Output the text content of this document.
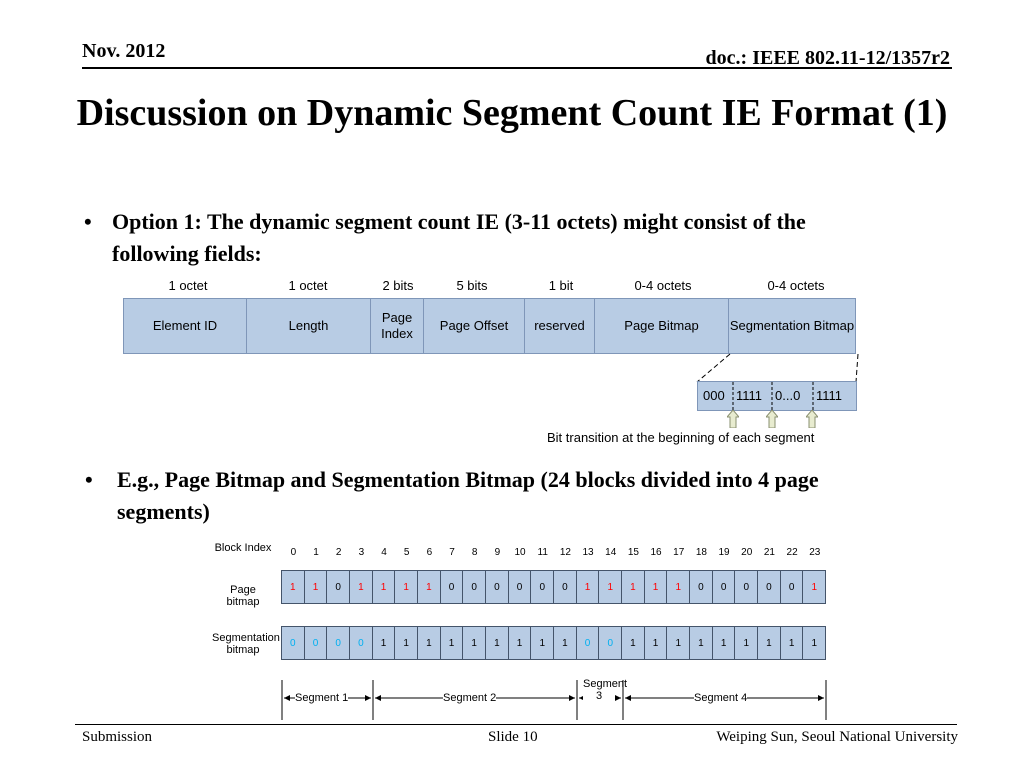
Nov. 2012	doc.: IEEE 802.11-12/1357r2
Discussion on Dynamic Segment Count IE Format (1)
• Option 1: The dynamic segment count IE (3-11 octets) might consist of the following fields:
1 octet	1 octet	2 bits	5 bits	1 bit	0-4 octets	0-4 octets
Element ID	Length	Page Index	Page Offset	reserved	Page Bitmap	Segmentation Bitmap
000 1111 0...0 1111
Bit transition at the beginning of each segment
• E.g., Page Bitmap and Segmentation Bitmap (24 blocks divided into 4 page segments)
Block Index
Page bitmap
Segmentation bitmap
0	1	2	3	4	5	6	7	8	9	10	11	12	13	14	15	16	17	18	19	20	21	22	23
1	1	0	1	1	1	1	0	0	0	0	0	0	1	1	1	1	1	0	0	0	0	0	1
0	0	0	0	1	1	1	1	1	1	1	1	1	0	0	1	1	1	1	1	1	1	1	1
Segment 1	Segment 2
Segment 3	Segment 4
Submission	Slide 10	Weiping Sun, Seoul National University
